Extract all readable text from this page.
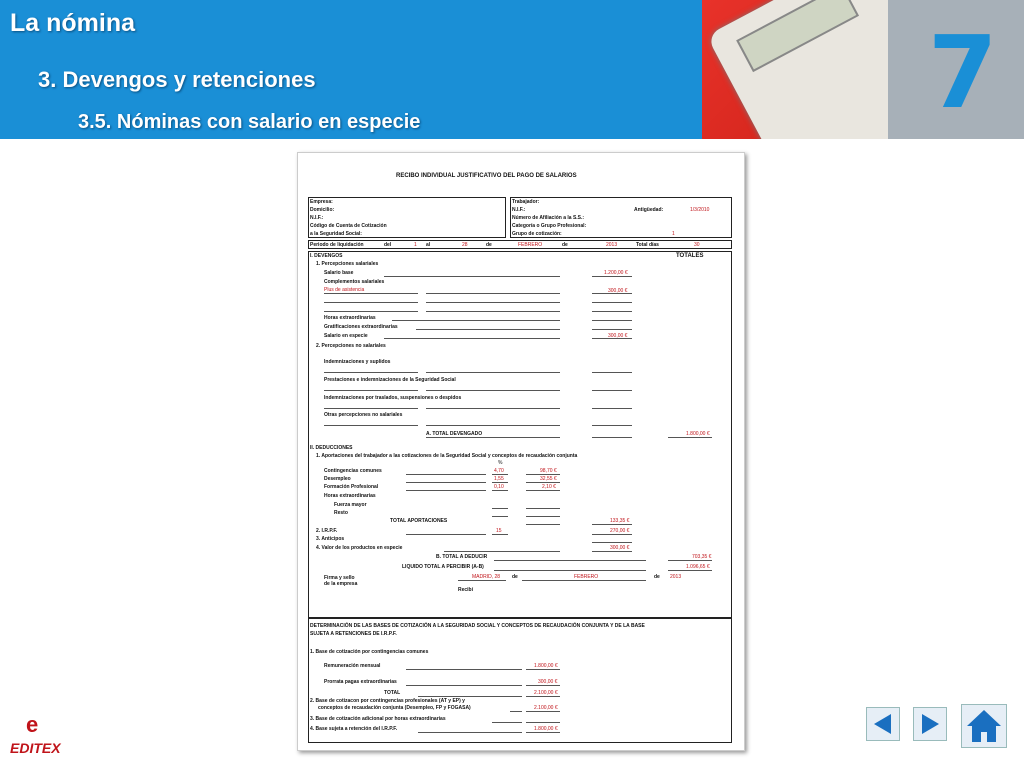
La nómina
3. Devengos y retenciones
3.5. Nóminas con salario en especie	7
RECIBO INDIVIDUAL JUSTIFICATIVO DEL PAGO DE SALARIOS
Empresa:
Domicilio:
N.I.F.:
Código de Cuenta de Cotización
a la Seguridad Social:
Trabajador:
N.I.F.:	Antigüedad:	1/3/2010
Número de Afiliación a la S.S.:
Categoría o Grupo Profesional:
Grupo de cotización:	1
Periodo de liquidación	del	1 al	28	de	FEBRERO	de	2013	Total días	30
I. DEVENGOS	TOTALES
1. Percepciones salariales
Salario base	1.200,00 €
Complementos salariales
Plus de asistencia	300,00 €
Horas extraordinarias
Gratificaciones extraordinarias
Salario en especie	300,00 €
2. Percepciones no salariales
Indemnizaciones y suplidos
Prestaciones e indemnizaciones de la Seguridad Social
Indemnizaciones por traslados, suspensiones o despidos
Otras percepciones no salariales
A. TOTAL DEVENGADO	1.800,00 €
II. DEDUCCIONES
1. Aportaciones del trabajador a las cotizaciones de la Seguridad Social y conceptos de recaudación conjunta
%
Contingencias comunes	4,70	98,70 €
Desempleo	1,55	32,55 €
Formación Profesional	0,10	2,10 €
Horas extraordinarias
Fuerza mayor
Resto
TOTAL APORTACIONES	133,35 €
2. I.R.P.F.	15	270,00 €
3. Anticipos
4. Valor de los productos en especie	300,00 €
B. TOTAL A DEDUCIR	703,35 €
LIQUIDO TOTAL A PERCIBIR (A-B)	1.096,65 €
Firma y sello
de la empresa
MADRID, 28 de	FEBRERO	de 2013
Recibí
DETERMINACIÓN DE LAS BASES DE COTIZACIÓN A LA SEGURIDAD SOCIAL Y CONCEPTOS DE RECAUDACIÓN CONJUNTA Y DE LA BASE
SUJETA A RETENCIONES DE I.R.P.F.
1. Base de cotización por contingencias comunes
Remuneración mensual	1.800,00 €
Prorrata pagas extraordinarias	300,00 €
TOTAL	2.100,00 €
2. Base de cotizacon por contingencias profesionales (AT y EP) y
conceptos de recaudación conjunta (Desempleo, FP y FOGASA)	2.100,00 €
3. Base de cotización adicional por horas extraordinarias
4. Base sujeta a retención del I.R.P.F.	1.800,00 €
e
EDITEX
